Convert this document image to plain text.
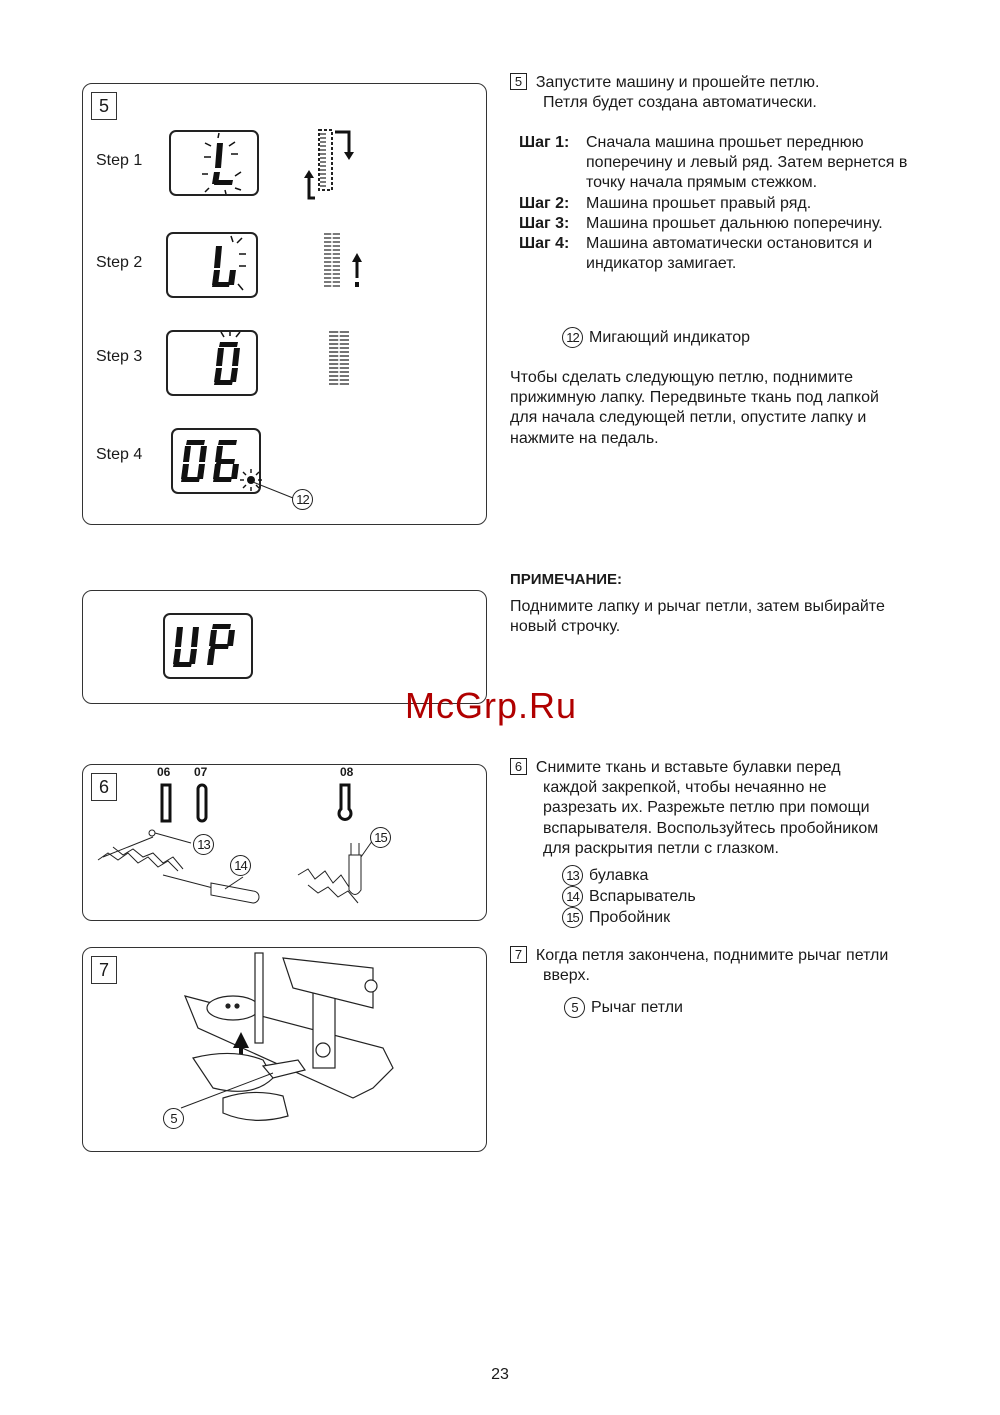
5
Step 1
Step 2
Step 3
Step 4
12
6
06 07	08
13
14
15
7
5
5 Запустите машину и прошейте петлю.
Петля будет создана автоматически.
Шаг 1:	Сначала машина прошьет переднюю поперечину и левый ряд. Затем вернется в точку начала прямым стежком.
Шаг 2:	Машина прошьет правый ряд.
Шаг 3:	Машина прошьет дальнюю поперечину.
Шаг 4:	Машина автоматически остановится и индикатор замигает.
12 Мигающий индикатор
Чтобы сделать следующую петлю, поднимите
прижимную лапку. Передвиньте ткань под лапкой
для начала следующей петли, опустите лапку и
нажмите на педаль.
ПРИМЕЧАНИЕ:
Поднимите лапку и рычаг петли, затем выбирайте
новый строчку.
McGrp.Ru
6 Снимите ткань и вставьте булавки перед
каждой закрепкой, чтобы нечаянно не
разрезать их. Разрежьте петлю при помощи
вспарывателя. Воспользуйтесь пробойником
для раскрытия петли с глазком.
13 булавка
14 Вспарыватель
15 Пробойник
7 Когда петля закончена, поднимите рычаг петли
вверх.
5 Рычаг петли
23
